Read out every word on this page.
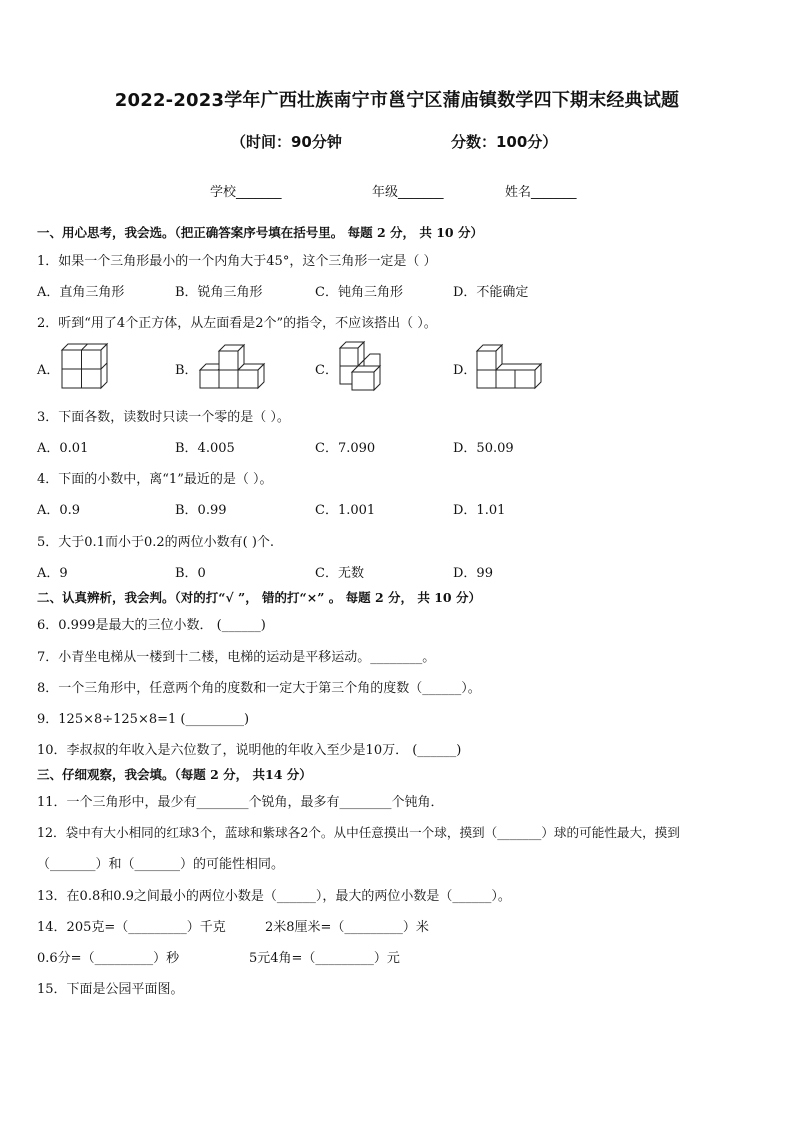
2022-2023学年广西壮族南宁市邕宁区蒲庙镇数学四下期末经典试题
（时间：90分钟	分数：100分）
学校_______	年级_______	姓名_______
一、用心思考，我会选。（把正确答案序号填在括号里。 每题 2 分， 共 10 分）
1．如果一个三角形最小的一个内角大于45°，这个三角形一定是（ ）
A．直角三角形	B．锐角三角形	C．钝角三角形	D．不能确定
2．听到“用了4个正方体，从左面看是2个”的指令，不应该搭出（ ）。
A．	B．	C．	D．
3．下面各数，读数时只读一个零的是（ ）。
A．0.01	B．4.005	C．7.090	D．50.09
4．下面的小数中，离“1”最近的是（ ）。
A．0.9	B．0.99	C．1.001	D．1.01
5．大于0.1而小于0.2的两位小数有( )个.
A．9	B．0	C．无数	D．99
二、认真辨析，我会判。（对的打“√ ”， 错的打“×” 。 每题 2 分， 共 10 分）
6．0.999是最大的三位小数． (______)
7．小青坐电梯从一楼到十二楼，电梯的运动是平移运动。________。
8．一个三角形中，任意两个角的度数和一定大于第三个角的度数（______）。
9．125×8÷125×8=1 (_________)
10．李叔叔的年收入是六位数了，说明他的年收入至少是10万． (______)
三、仔细观察，我会填。（每题 2 分， 共14 分）
11．一个三角形中，最少有________个锐角，最多有________个钝角．
12．袋中有大小相同的红球3个，蓝球和紫球各2个。从中任意摸出一个球，摸到（_______）球的可能性最大，摸到
（_______）和（_______）的可能性相同。
13．在0.8和0.9之间最小的两位小数是（______），最大的两位小数是（______）。
14．205克=（_________）千克	2米8厘米=（_________）米
0.6分=（_________）秒	5元4角=（_________）元
15．下面是公园平面图。
